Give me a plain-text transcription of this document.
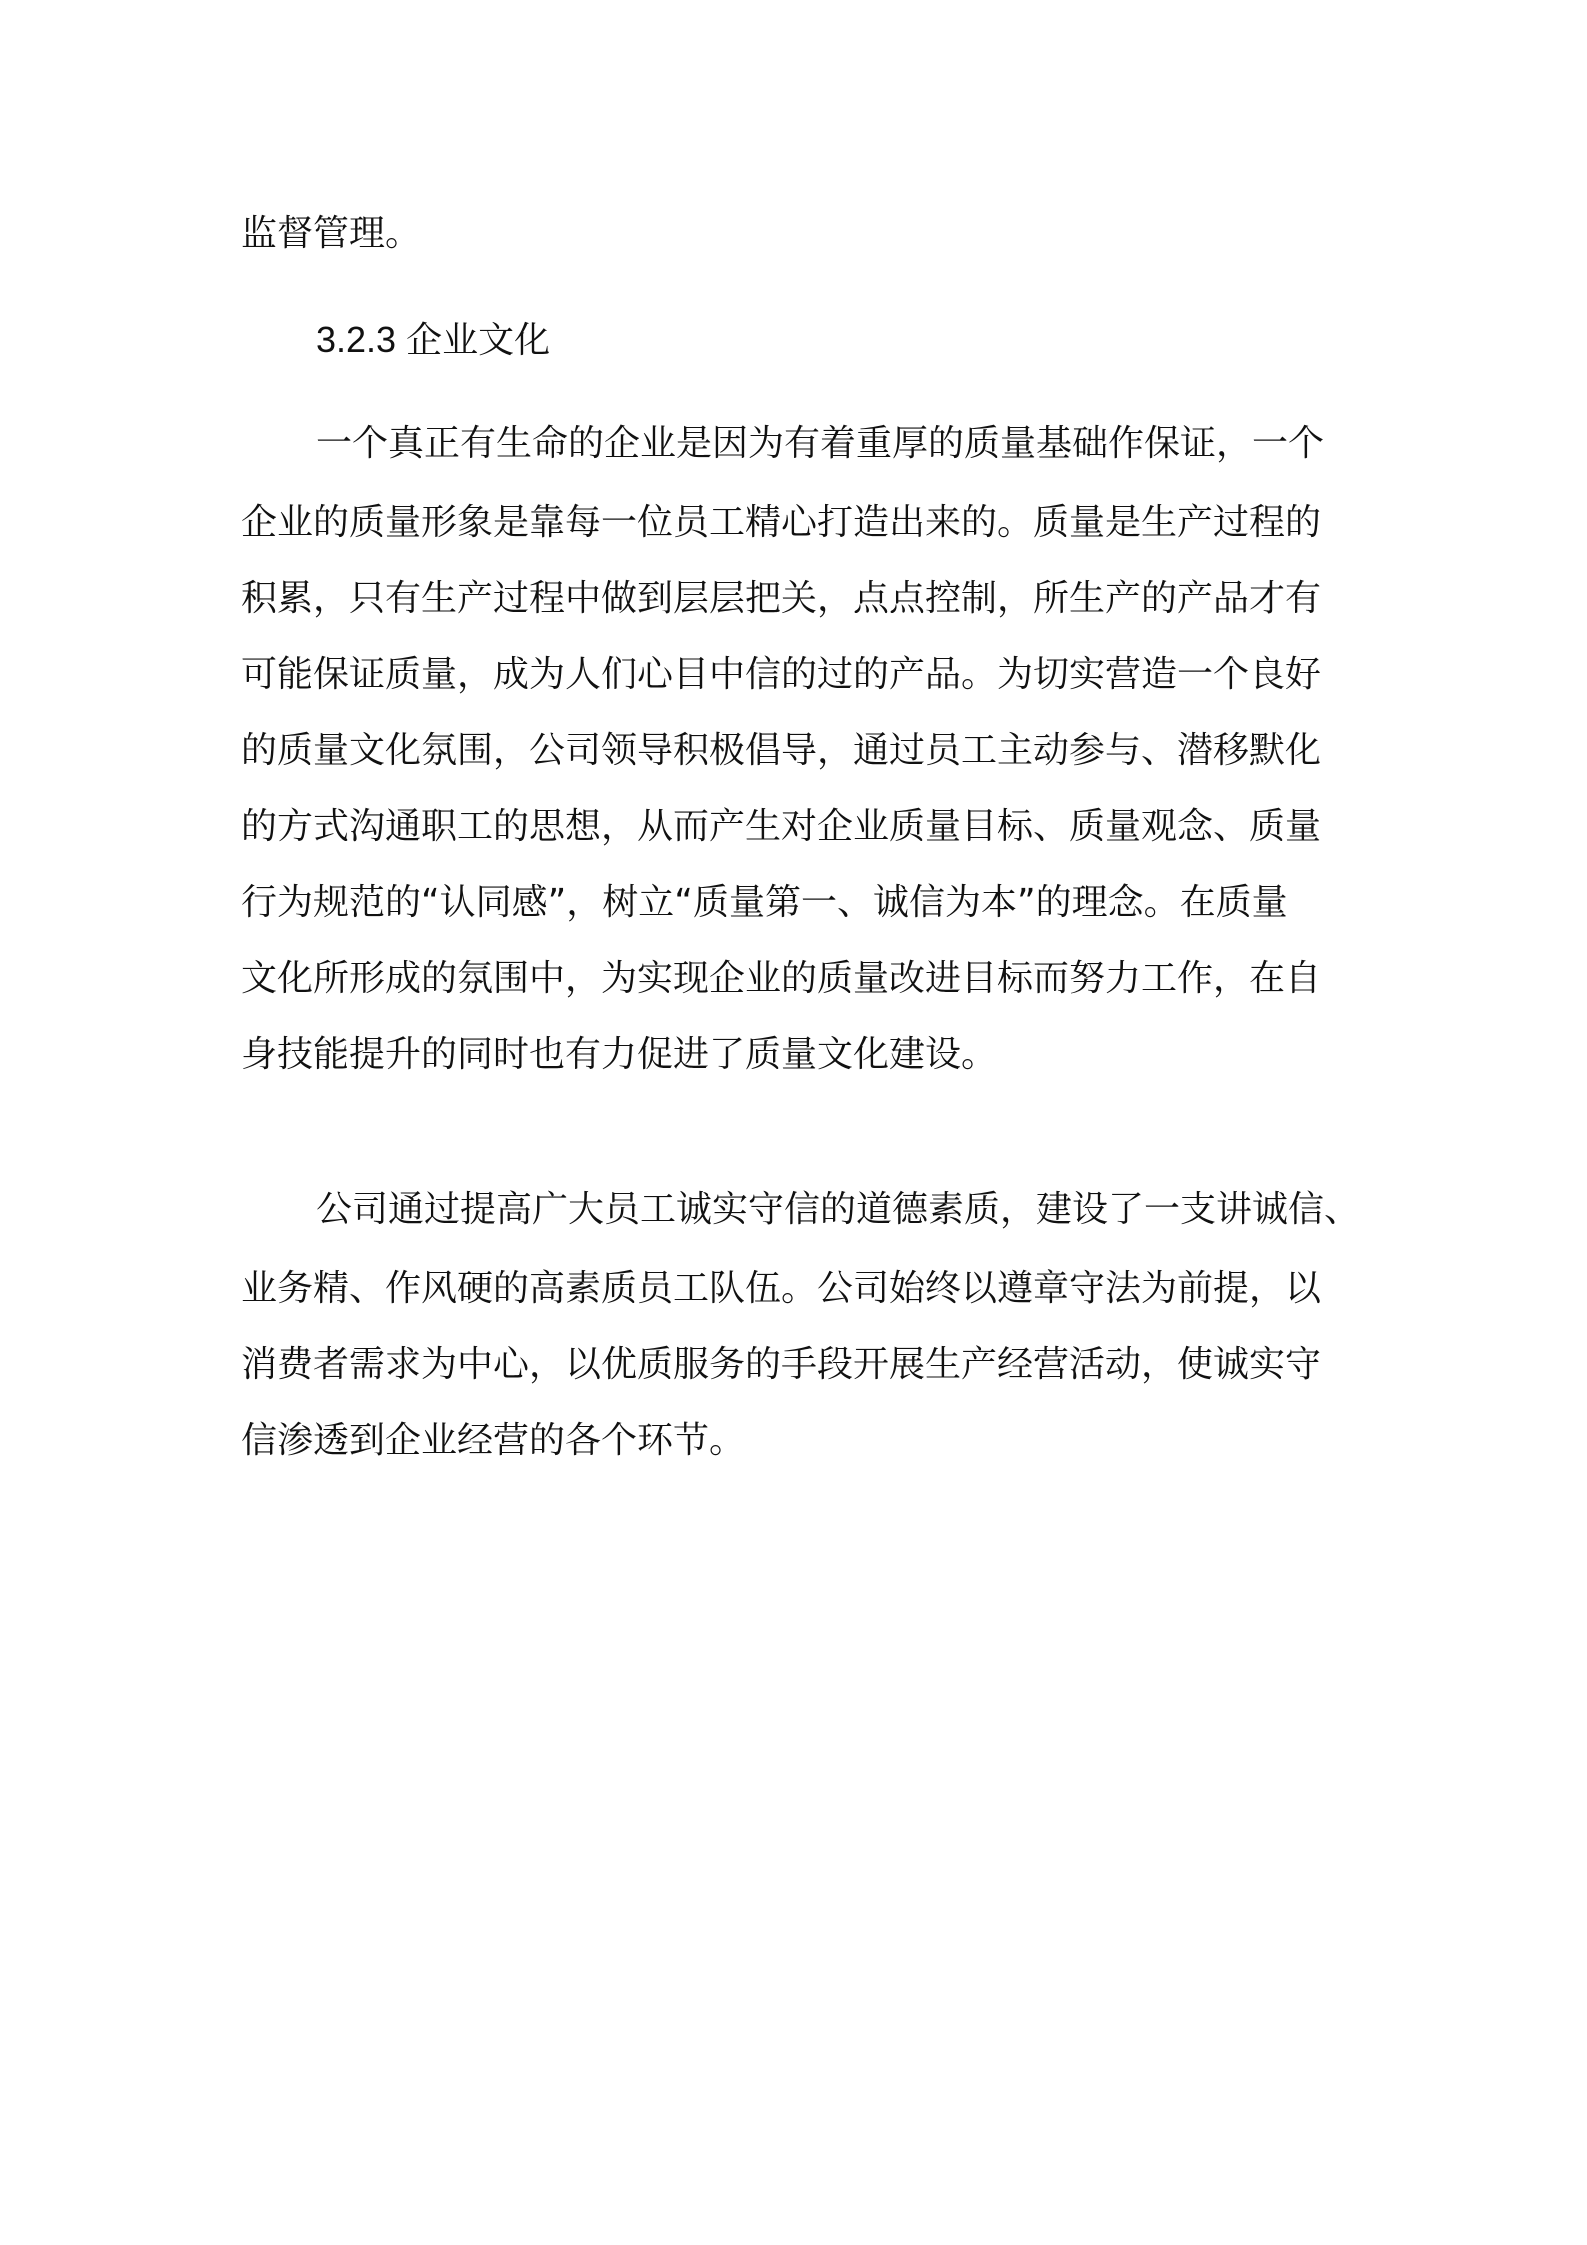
监督管理。
3.2.3 企业文化
一个真正有生命的企业是因为有着重厚的质量基础作保证，一个
企业的质量形象是靠每一位员工精心打造出来的。质量是生产过程的
积累，只有生产过程中做到层层把关，点点控制，所生产的产品才有
可能保证质量，成为人们心目中信的过的产品。为切实营造一个良好
的质量文化氛围，公司领导积极倡导，通过员工主动参与、潜移默化
的方式沟通职工的思想，从而产生对企业质量目标、质量观念、质量
行为规范的“认同感”，树立“质量第一、诚信为本”的理念。在质量
文化所形成的氛围中，为实现企业的质量改进目标而努力工作，在自
身技能提升的同时也有力促进了质量文化建设。
公司通过提高广大员工诚实守信的道德素质，建设了一支讲诚信、
业务精、作风硬的高素质员工队伍。公司始终以遵章守法为前提，以
消费者需求为中心，以优质服务的手段开展生产经营活动，使诚实守
信渗透到企业经营的各个环节。
